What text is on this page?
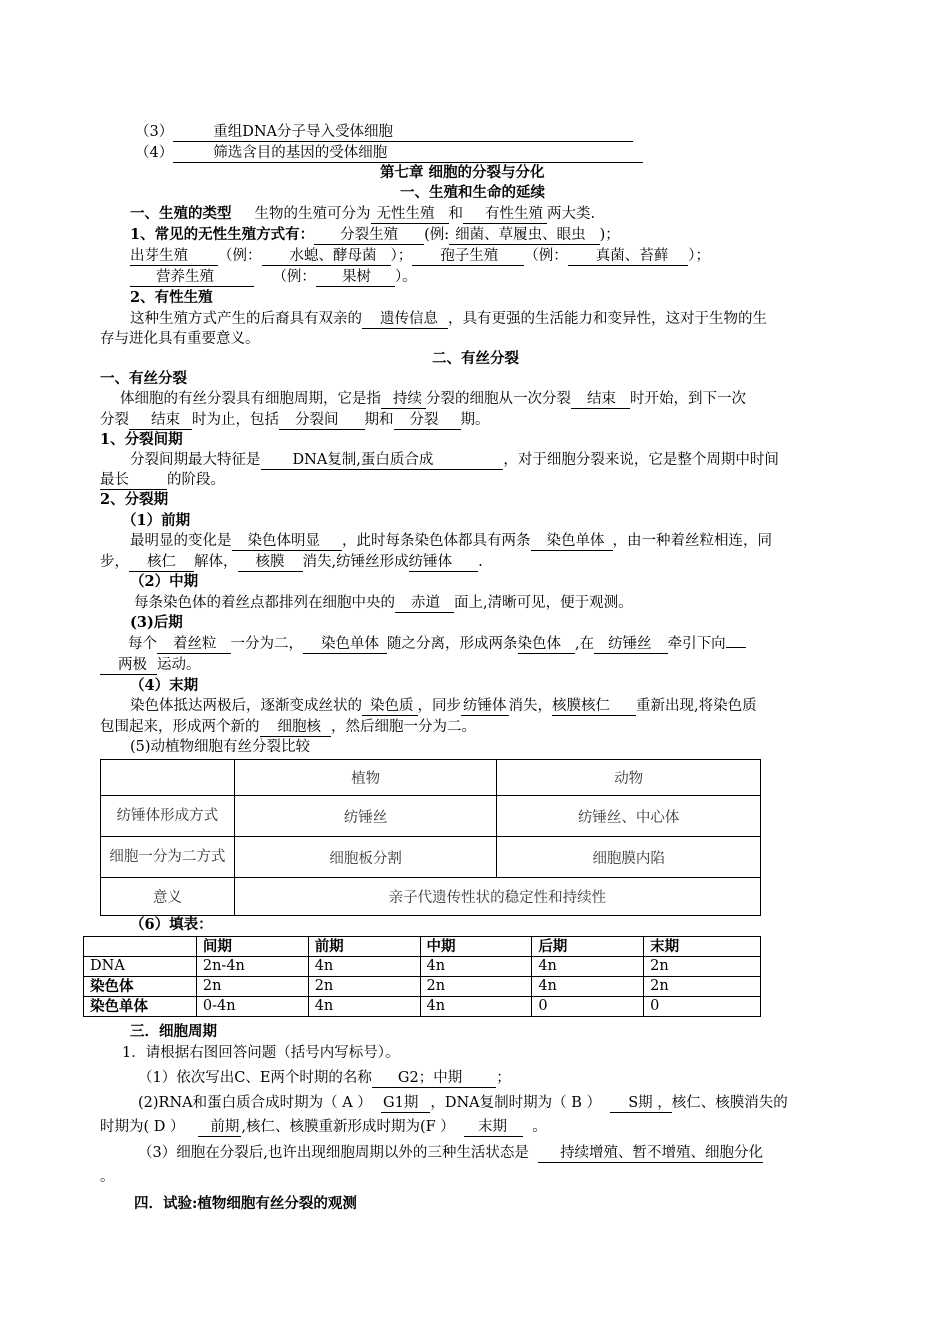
（3）	重组DNA分子导入受体细胞
（4）	筛选含目的基因的受体细胞
第七章 细胞的分裂与分化
一、生殖和生命的延续
一、生殖的类型 生物的生殖可分为 无性生殖 和 有性生殖 两大类.
1、常见的无性生殖方式有： 分裂生殖 (例: 细菌、草履虫、眼虫 )；
出芽生殖 （例： 水螅、酵母菌 ）； 孢子生殖 （例： 真菌、苔藓 ）；
营养生殖	（例： 果树 ）。
2、有性生殖
这种生殖方式产生的后裔具有双亲的 遗传信息 ，具有更强的生活能力和变异性，这对于生物的生
存与进化具有重要意义。
二、有丝分裂
一、有丝分裂
体细胞的有丝分裂具有细胞周期，它是指 持续 分裂的细胞从一次分裂 结束 时开始，到下一次
分裂 结束 时为止，包括 分裂间 期和 分裂 期。
1、分裂间期
分裂间期最大特征是 DNA复制,蛋白质合成	，对于细胞分裂来说，它是整个周期中时间
最长	的阶段。
2、分裂期
（1）前期
最明显的变化是 染色体明显 ，此时每条染色体都具有两条 染色单体 ，由一种着丝粒相连，同
步， 核仁 解体， 核膜 消失,纺锤丝形成纺锤体 .
（2）中期
每条染色体的着丝点都排列在细胞中央的 赤道 面上,清晰可见，便于观测。
(3)后期
每个 着丝粒 一分为二， 染色单体 随之分离，形成两条染色体 ,在 纺锤丝 牵引下向
两极 运动。
（4）末期
染色体抵达两极后，逐渐变成丝状的 染色质 ，同步 纺锤体 消失，核膜核仁 重新出现,将染色质
包围起来，形成两个新的 细胞核 ，然后细胞一分为二。
(5)动植物细胞有丝分裂比较
	植物	动物
纺锤体形成方式	纺锤丝	纺锤丝、中心体
细胞一分为二方式	细胞板分割	细胞膜内陷
意义	亲子代遗传性状的稳定性和持续性	
（6）填表：
	间期	前期	中期	后期	末期
DNA	2n-4n	4n	4n	4n	2n
染色体	2n	2n	2n	4n	2n
染色单体	0-4n	4n	4n	0	0
三．细胞周期
1．请根据右图回答问题（括号内写标号）。
（1）依次写出C、E两个时期的名称 G2；中期 ；
(2)RNA和蛋白质合成时期为（ A ） G1期 ，DNA复制时期为（ B ） S期 ，核仁、核膜消失的
时期为( D ） 前期 ,核仁、核膜重新形成时期为(F ） 末期 。
（3）细胞在分裂后,也许出现细胞周期以外的三种生活状态是 持续增殖、暂不增殖、细胞分化
。
四．试验:植物细胞有丝分裂的观测
